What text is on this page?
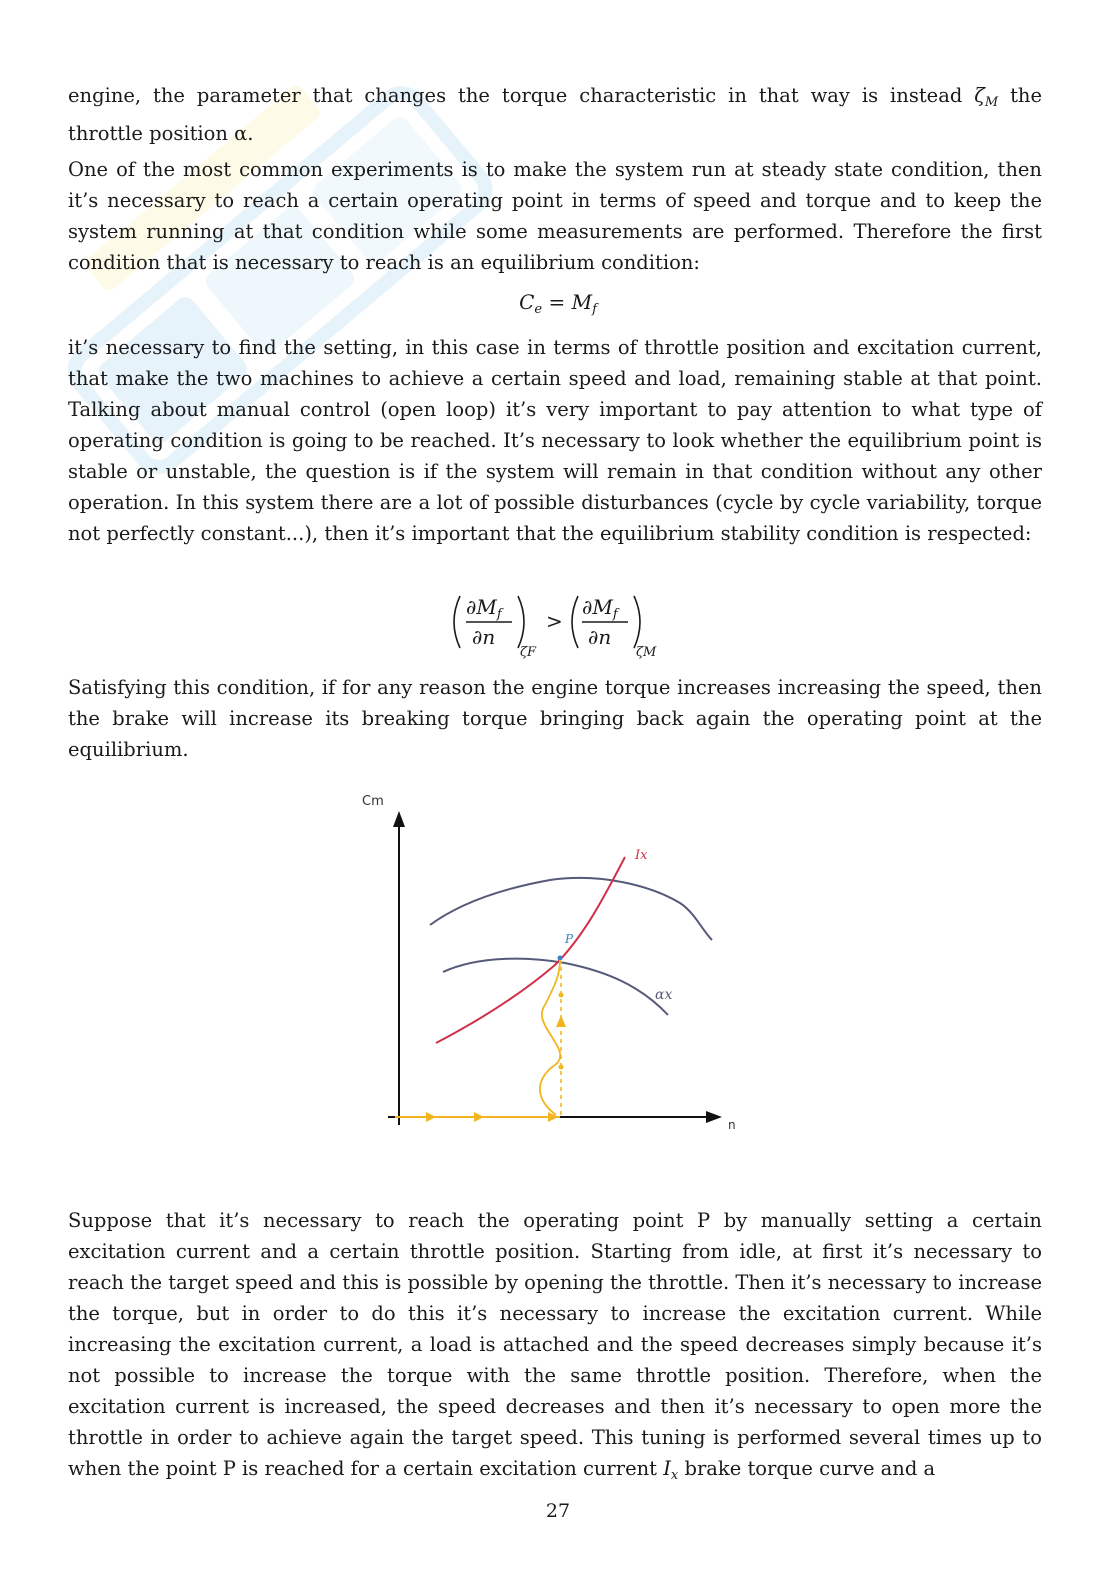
engine, the parameter that changes the torque characteristic in that way is instead $\zeta_M$ the throttle position α.

One of the most common experiments is to make the system run at steady state condition, then it’s necessary to reach a certain operating point in terms of speed and torque and to keep the system running at that condition while some measurements are performed. Therefore the first condition that is necessary to reach is an equilibrium condition:

$C_e = M_f$

it’s necessary to find the setting, in this case in terms of throttle position and excitation current, that make the two machines to achieve a certain speed and load, remaining stable at that point. Talking about manual control (open loop) it’s very important to pay attention to what type of operating condition is going to be reached. It’s necessary to look whether the equilibrium point is stable or unstable, the question is if the system will remain in that condition without any other operation. In this system there are a lot of possible disturbances (cycle by cycle variability, torque not perfectly constant...), then it’s important that the equilibrium stability condition is respected:

$\partial M_f$
∂n
ζF
>
$\partial M_f$
∂n
ζM

Satisfying this condition, if for any reason the engine torque increases increasing the speed, then the brake will increase its breaking torque bringing back again the operating point at the equilibrium.

Cm
n
αx
Ix
P

Suppose that it’s necessary to reach the operating point P by manually setting a certain excitation current and a certain throttle position. Starting from idle, at first it’s necessary to reach the target speed and this is possible by opening the throttle. Then it’s necessary to increase the torque, but in order to do this it’s necessary to increase the excitation current. While increasing the excitation current, a load is attached and the speed decreases simply because it’s not possible to increase the torque with the same throttle position. Therefore, when the excitation current is increased, the speed decreases and then it’s necessary to open more the throttle in order to achieve again the target speed. This tuning is performed several times up to when the point P is reached for a certain excitation current $I_x$ brake torque curve and a

27
